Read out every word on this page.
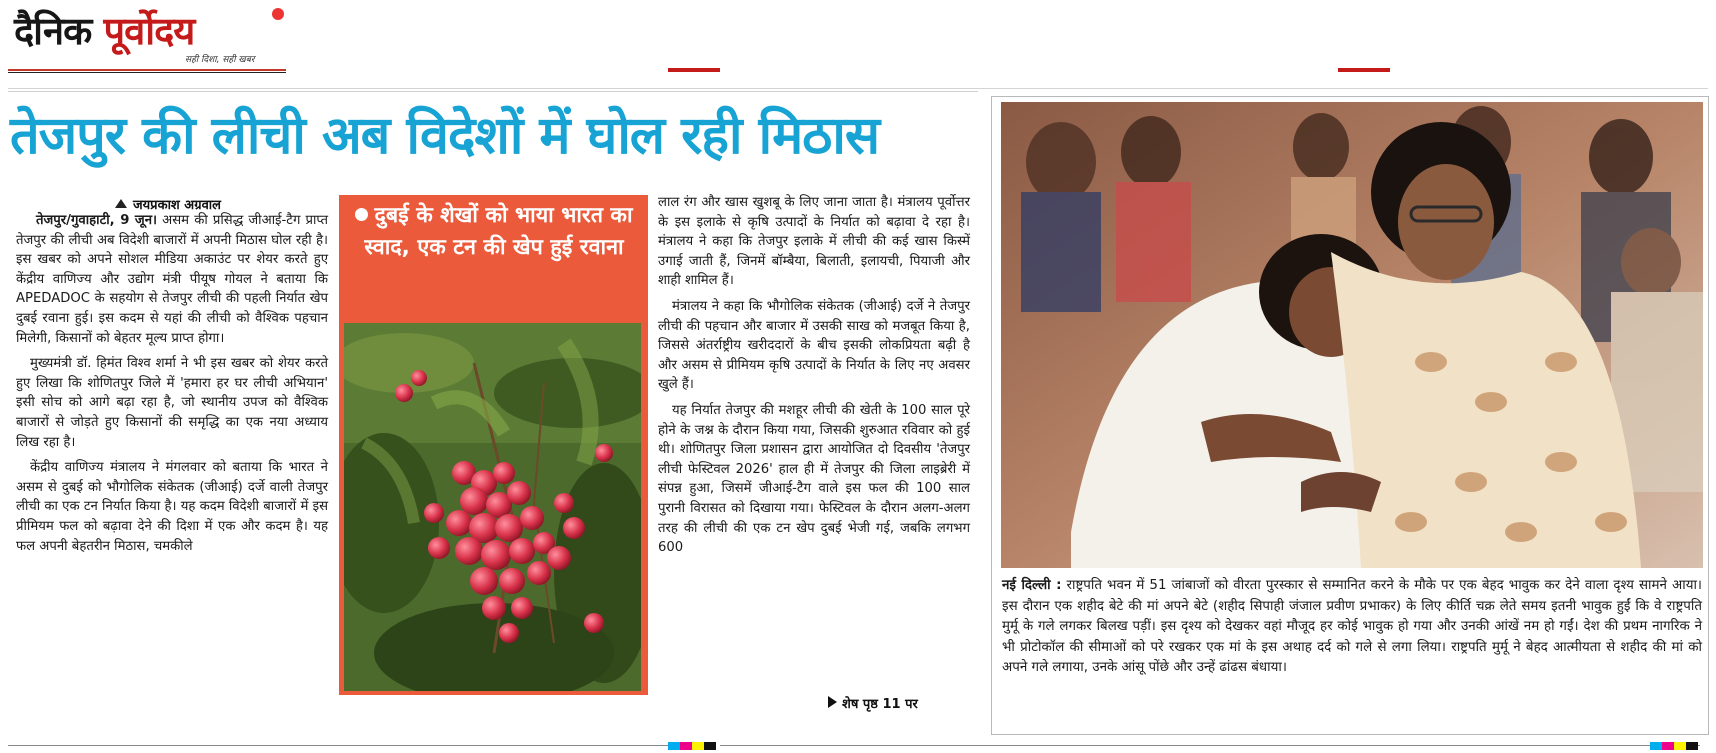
दैनिक पूर्वोदय
सही दिशा, सही खबर
तेजपुर की लीची अब विदेशों में घोल रही मिठास
जयप्रकाश अग्रवाल

तेजपुर/गुवाहाटी, 9 जून। असम की प्रसिद्ध जीआई-टैग प्राप्त तेजपुर की लीची अब विदेशी बाजारों में अपनी मिठास घोल रही है। इस खबर को अपने सोशल मीडिया अकाउंट पर शेयर करते हुए केंद्रीय वाणिज्य और उद्योग मंत्री पीयूष गोयल ने बताया कि APEDADOC के सहयोग से तेजपुर लीची की पहली निर्यात खेप दुबई रवाना हुई। इस कदम से यहां की लीची को वैश्विक पहचान मिलेगी, किसानों को बेहतर मूल्य प्राप्त होगा।

मुख्यमंत्री डॉ. हिमंत विश्व शर्मा ने भी इस खबर को शेयर करते हुए लिखा कि शोणितपुर जिले में 'हमारा हर घर लीची अभियान' इसी सोच को आगे बढ़ा रहा है, जो स्थानीय उपज को वैश्विक बाजारों से जोड़ते हुए किसानों की समृद्धि का एक नया अध्याय लिख रहा है।

केंद्रीय वाणिज्य मंत्रालय ने मंगलवार को बताया कि भारत ने असम से दुबई को भौगोलिक संकेतक (जीआई) दर्जे वाली तेजपुर लीची का एक टन निर्यात किया है। यह कदम विदेशी बाजारों में इस प्रीमियम फल को बढ़ावा देने की दिशा में एक और कदम है। यह फल अपनी बेहतरीन मिठास, चमकीले

दुबई के शेखों को भाया भारत का स्वाद, एक टन की खेप हुई रवाना

लाल रंग और खास खुशबू के लिए जाना जाता है। मंत्रालय पूर्वोत्तर के इस इलाके से कृषि उत्पादों के निर्यात को बढ़ावा दे रहा है। मंत्रालय ने कहा कि तेजपुर इलाके में लीची की कई खास किस्में उगाई जाती हैं, जिनमें बॉम्बैया, बिलाती, इलायची, पियाजी और शाही शामिल हैं।

मंत्रालय ने कहा कि भौगोलिक संकेतक (जीआई) दर्जे ने तेजपुर लीची की पहचान और बाजार में उसकी साख को मजबूत किया है, जिससे अंतर्राष्ट्रीय खरीददारों के बीच इसकी लोकप्रियता बढ़ी है और असम से प्रीमियम कृषि उत्पादों के निर्यात के लिए नए अवसर खुले हैं।

यह निर्यात तेजपुर की मशहूर लीची की खेती के 100 साल पूरे होने के जश्न के दौरान किया गया, जिसकी शुरुआत रविवार को हुई थी। शोणितपुर जिला प्रशासन द्वारा आयोजित दो दिवसीय 'तेजपुर लीची फेस्टिवल 2026' हाल ही में तेजपुर की जिला लाइब्रेरी में संपन्न हुआ, जिसमें जीआई-टैग वाले इस फल की 100 साल पुरानी विरासत को दिखाया गया। फेस्टिवल के दौरान अलग-अलग तरह की लीची की एक टन खेप दुबई भेजी गई, जबकि लगभग 600

शेष पृष्ठ 11 पर
नई दिल्ली : राष्ट्रपति भवन में 51 जांबाजों को वीरता पुरस्कार से सम्मानित करने के मौके पर एक बेहद भावुक कर देने वाला दृश्य सामने आया। इस दौरान एक शहीद बेटे की मां अपने बेटे (शहीद सिपाही जंजाल प्रवीण प्रभाकर) के लिए कीर्ति चक्र लेते समय इतनी भावुक हुईं कि वे राष्ट्रपति मुर्मू के गले लगकर बिलख पड़ीं। इस दृश्य को देखकर वहां मौजूद हर कोई भावुक हो गया और उनकी आंखें नम हो गईं। देश की प्रथम नागरिक ने भी प्रोटोकॉल की सीमाओं को परे रखकर एक मां के इस अथाह दर्द को गले से लगा लिया। राष्ट्रपति मुर्मू ने बेहद आत्मीयता से शहीद की मां को अपने गले लगाया, उनके आंसू पोंछे और उन्हें ढांढस बंधाया।
